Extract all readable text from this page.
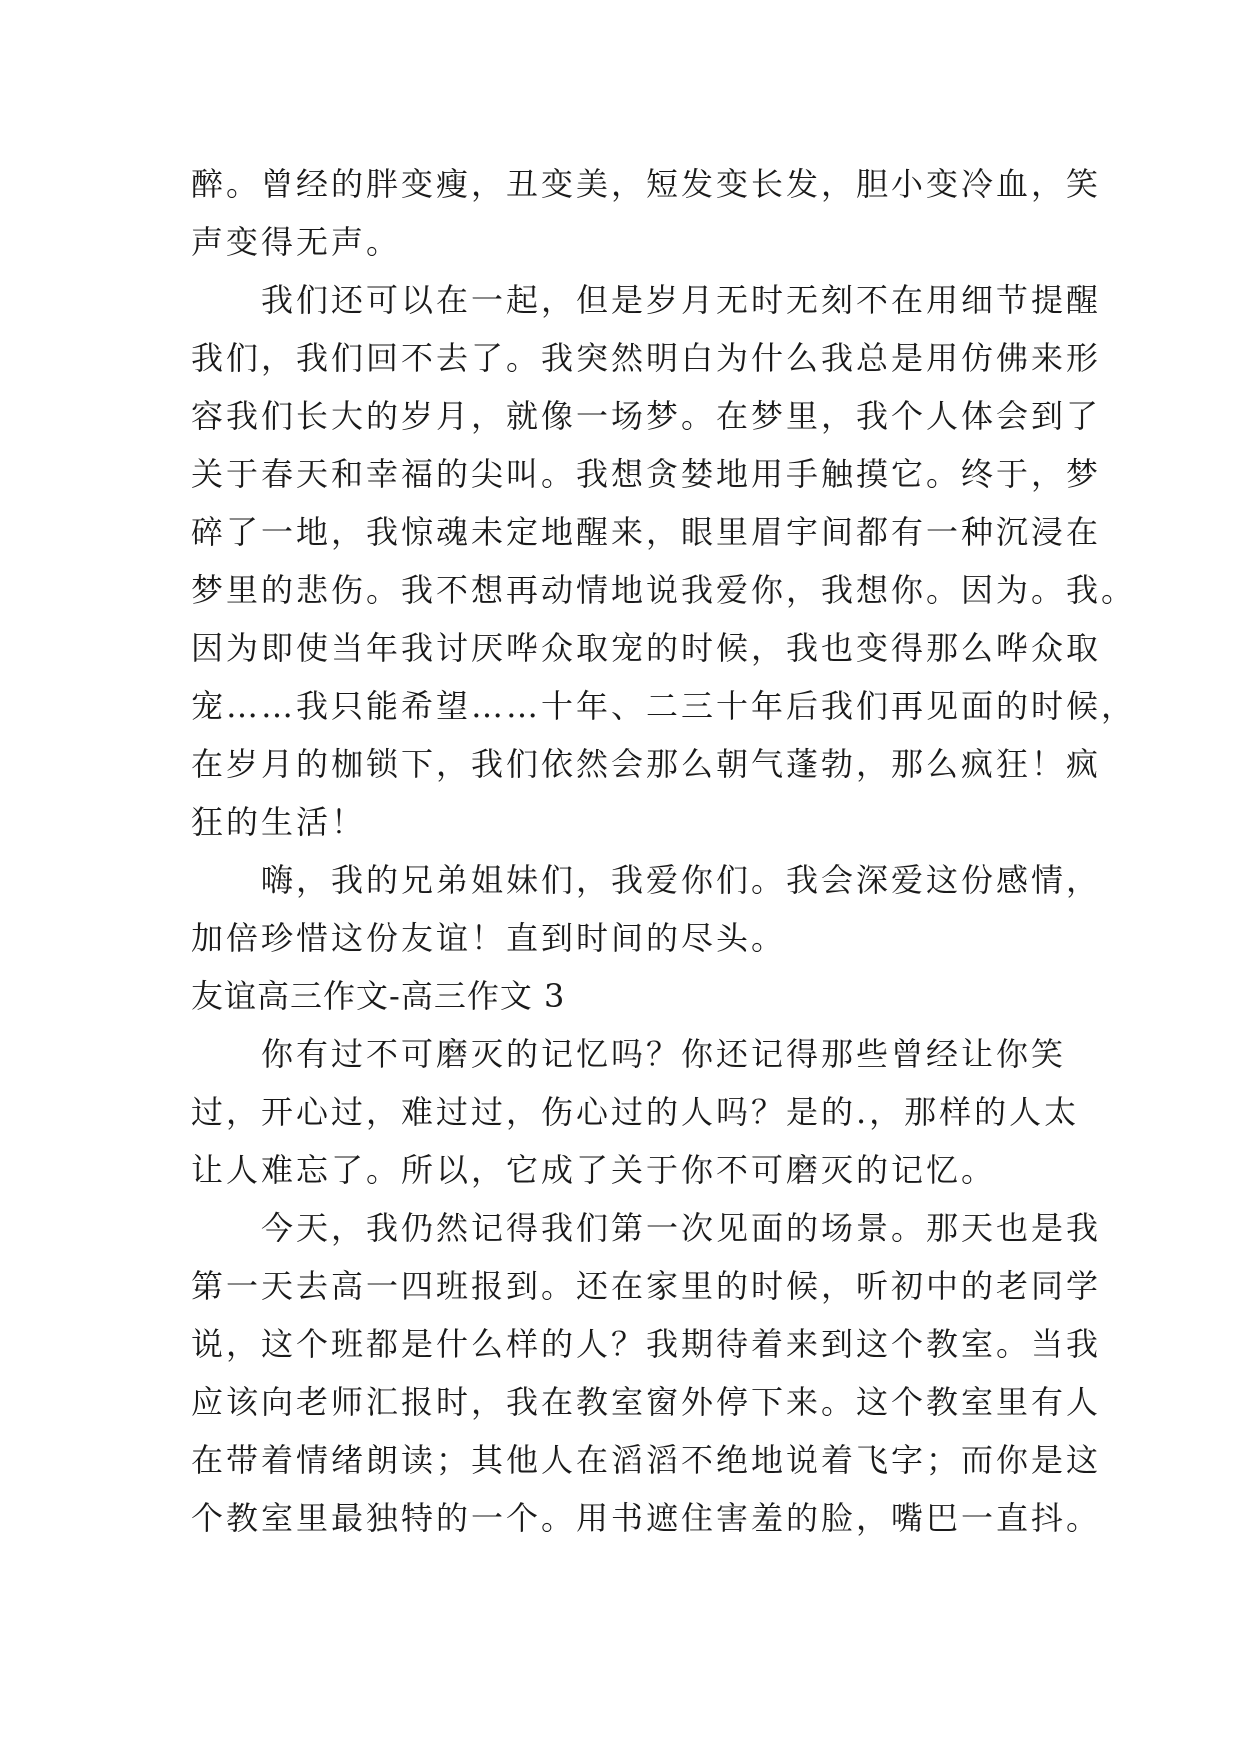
醉。曾经的胖变瘦，丑变美，短发变长发，胆小变冷血，笑
声变得无声。
我们还可以在一起，但是岁月无时无刻不在用细节提醒
我们，我们回不去了。我突然明白为什么我总是用仿佛来形
容我们长大的岁月，就像一场梦。在梦里，我个人体会到了
关于春天和幸福的尖叫。我想贪婪地用手触摸它。终于，梦
碎了一地，我惊魂未定地醒来，眼里眉宇间都有一种沉浸在
梦里的悲伤。我不想再动情地说我爱你，我想你。因为。我。
因为即使当年我讨厌哗众取宠的时候，我也变得那么哗众取
宠……我只能希望……十年、二三十年后我们再见面的时候，
在岁月的枷锁下，我们依然会那么朝气蓬勃，那么疯狂！疯
狂的生活！
嗨，我的兄弟姐妹们，我爱你们。我会深爱这份感情，
加倍珍惜这份友谊！直到时间的尽头。
友谊高三作文-高三作文 3
你有过不可磨灭的记忆吗？你还记得那些曾经让你笑
过，开心过，难过过，伤心过的人吗？是的.，那样的人太
让人难忘了。所以，它成了关于你不可磨灭的记忆。
今天，我仍然记得我们第一次见面的场景。那天也是我
第一天去高一四班报到。还在家里的时候，听初中的老同学
说，这个班都是什么样的人？我期待着来到这个教室。当我
应该向老师汇报时，我在教室窗外停下来。这个教室里有人
在带着情绪朗读；其他人在滔滔不绝地说着飞字；而你是这
个教室里最独特的一个。用书遮住害羞的脸，嘴巴一直抖。
